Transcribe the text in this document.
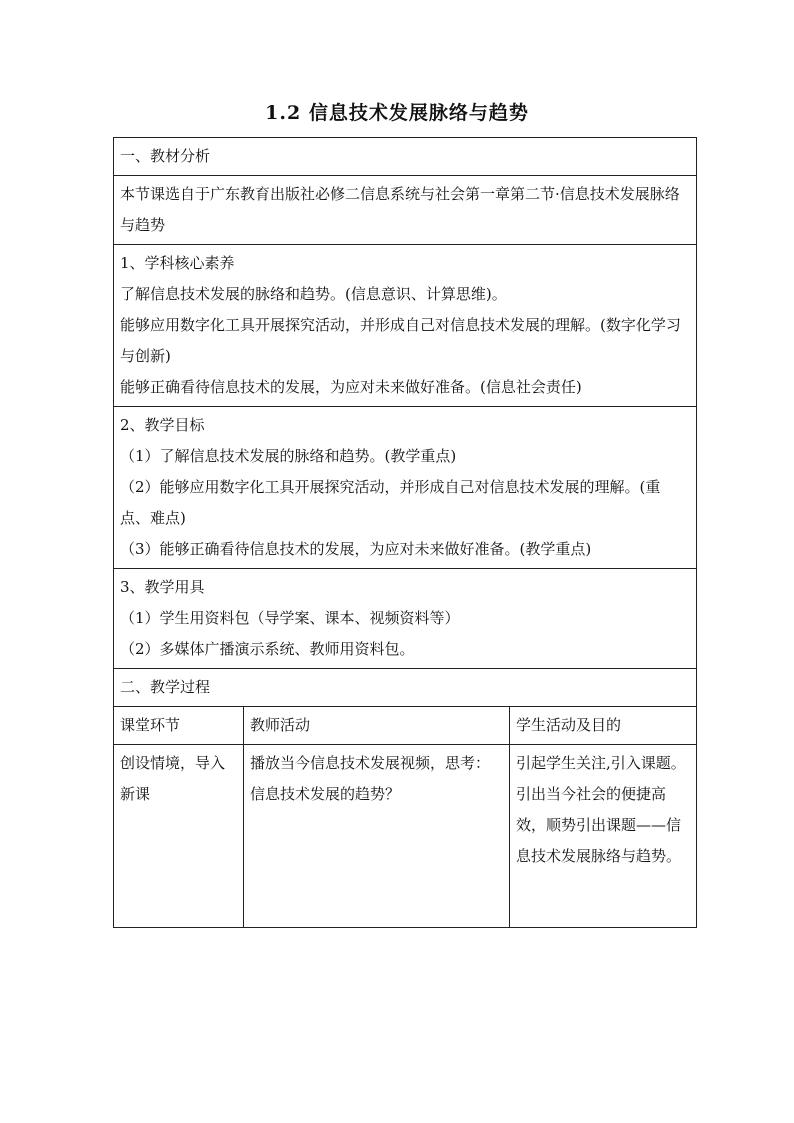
1.2 信息技术发展脉络与趋势
一、教材分析		
本节课选自于广东教育出版社必修二信息系统与社会第一章第二节·信息技术发展脉络与趋势		

1、学科核心素养
了解信息技术发展的脉络和趋势。(信息意识、计算思维)。
能够应用数字化工具开展探究活动，并形成自己对信息技术发展的理解。(数字化学习与创新)
能够正确看待信息技术的发展，为应对未来做好准备。(信息社会责任)		

2、教学目标
（1）了解信息技术发展的脉络和趋势。(教学重点)
（2）能够应用数字化工具开展探究活动，并形成自己对信息技术发展的理解。(重点、难点)
（3）能够正确看待信息技术的发展，为应对未来做好准备。(教学重点)		

3、教学用具
（1）学生用资料包（导学案、课本、视频资料等）
（2）多媒体广播演示系统、教师用资料包。		

二、教学过程		
课堂环节	教师活动	学生活动及目的
创设情境，导入新课	播放当今信息技术发展视频，思考：信息技术发展的趋势？	引起学生关注,引入课题。引出当今社会的便捷高效，顺势引出课题——信息技术发展脉络与趋势。
